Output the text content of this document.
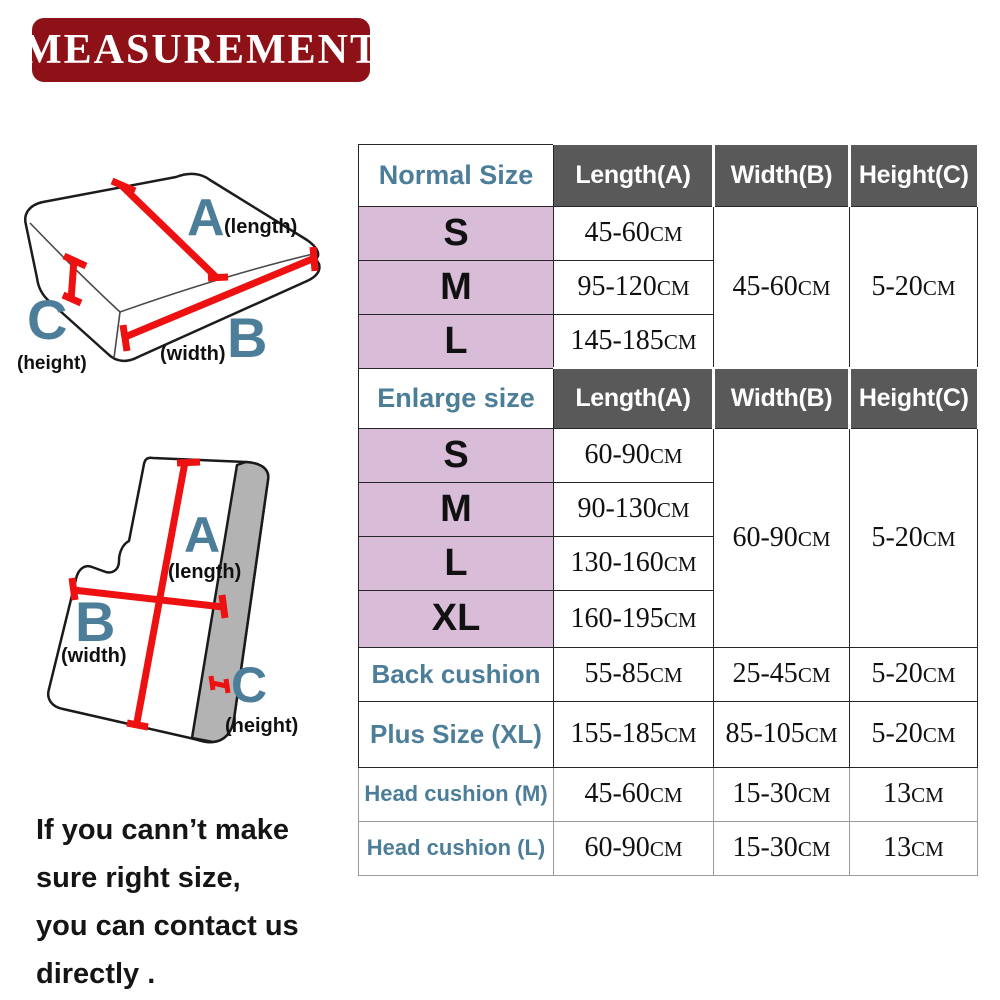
MEASUREMENT
A (length)
B
(width)
C
(height)
A
(length)
B
(width)
C
(height)
Normal Size	Length(A)	Width(B)	Height(C)
S	45-60CM	45-60CM	5-20CM
M	95-120CM		
L	145-185CM		
Enlarge size	Length(A)	Width(B)	Height(C)
S	60-90CM	60-90CM	5-20CM
M	90-130CM		
L	130-160CM		
XL	160-195CM		
Back cushion	55-85CM	25-45CM	5-20CM
Plus Size (XL)	155-185CM	85-105CM	5-20CM
Head cushion (M)	45-60CM	15-30CM	13CM
Head cushion (L)	60-90CM	15-30CM	13CM
If you cann’t make
sure right size,
you can contact us
directly .
